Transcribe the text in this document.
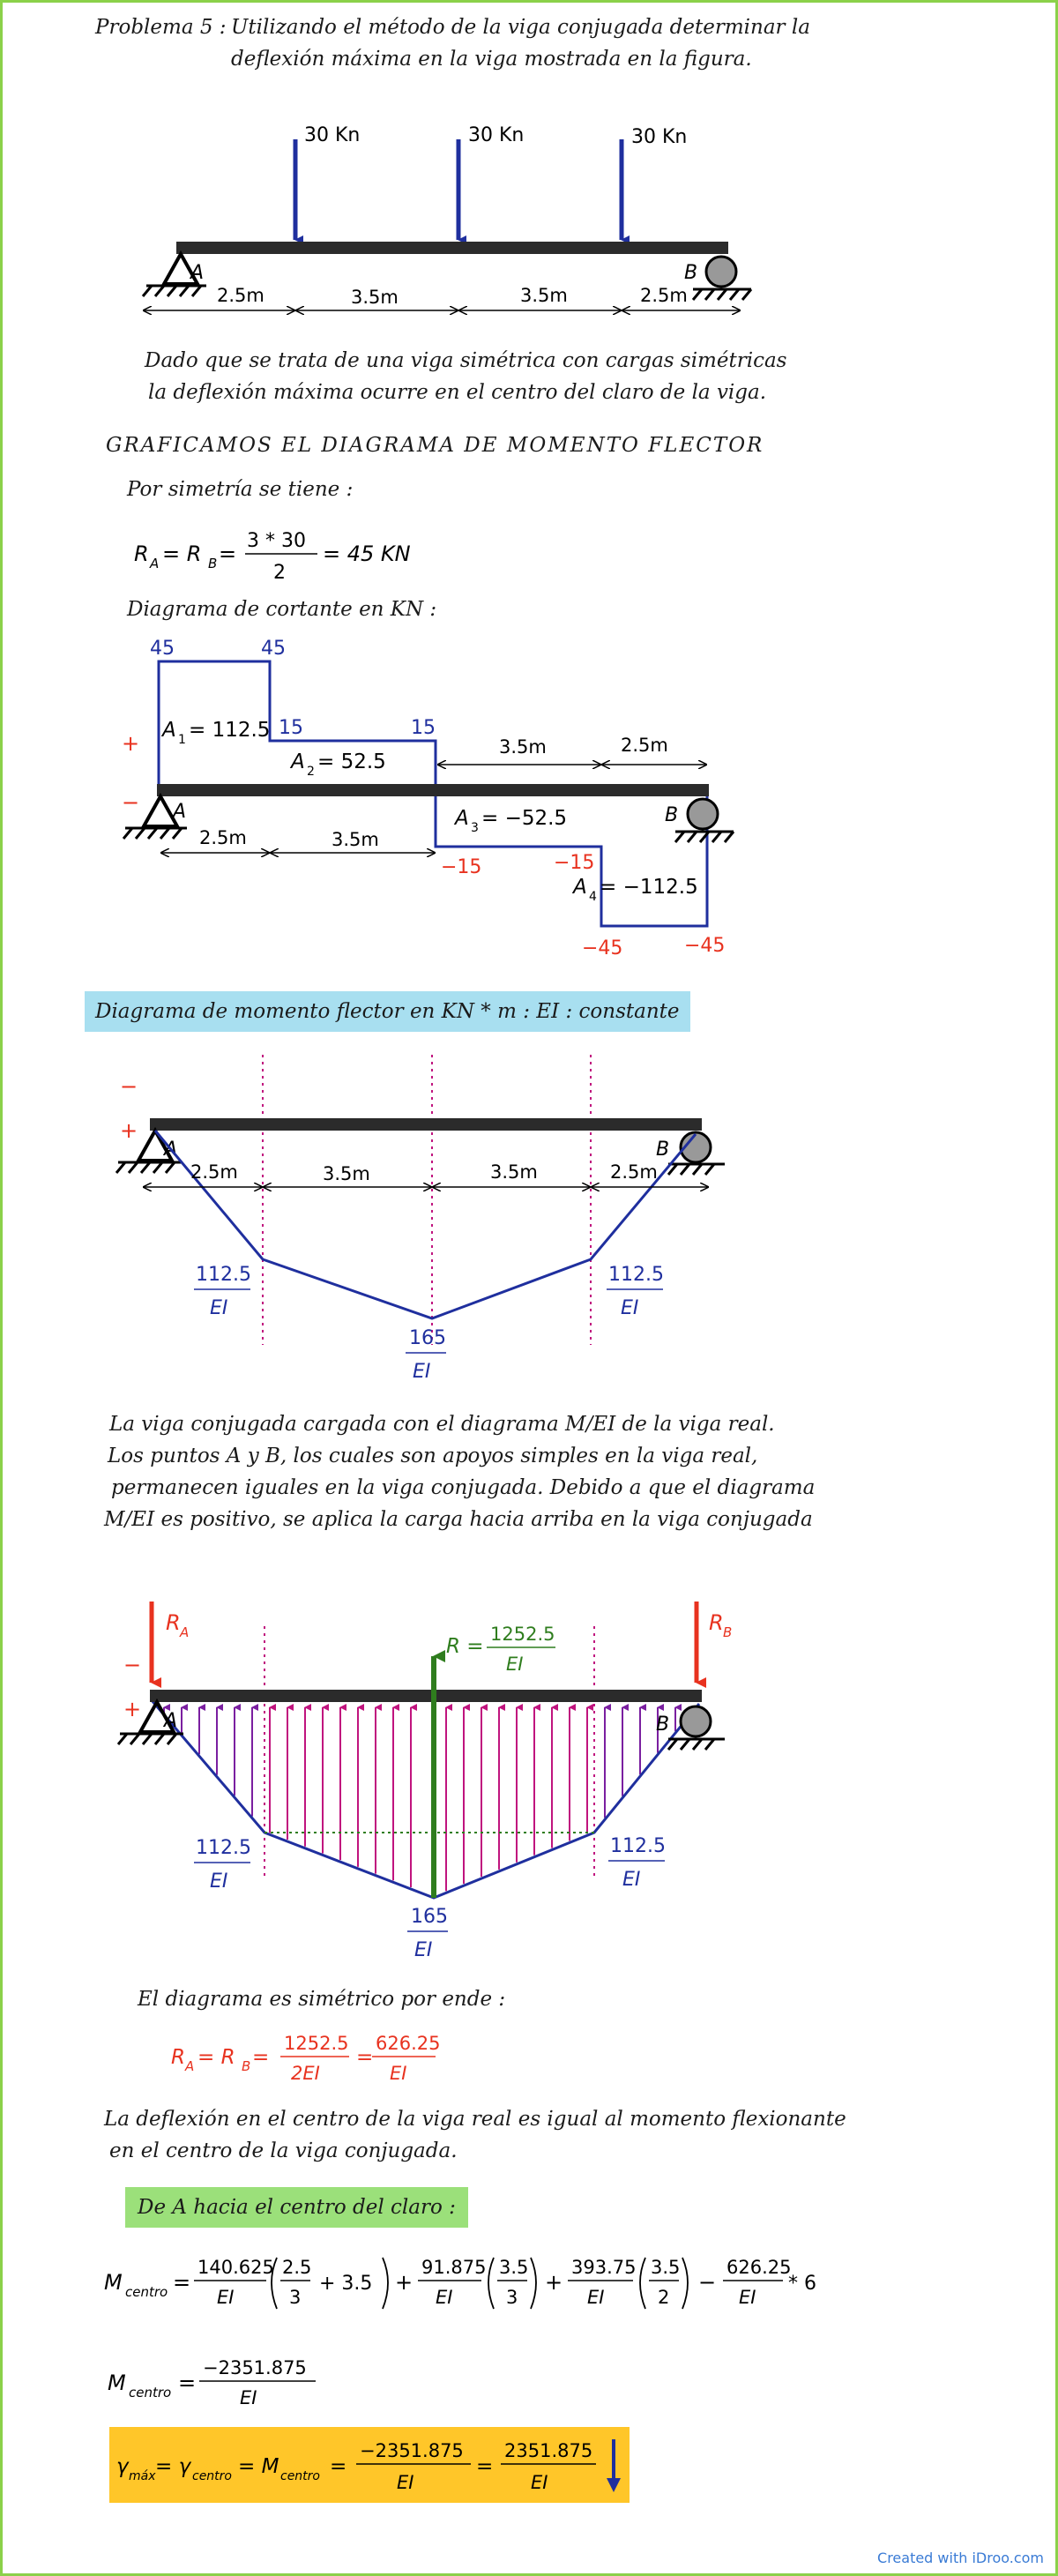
Problema 5 : Utilizando el método de la viga conjugada determinar la
deflexión máxima en la viga mostrada en la figura.
30 Kn	30 Kn	30 Kn
A	B
2.5m	3.5m	3.5m	2.5m
Dado que se trata de una viga simétrica con cargas simétricas
la deflexión máxima ocurre en el centro del claro de la viga.
GRAFICAMOS EL DIAGRAMA DE MOMENTO FLECTOR
Por simetría se tiene :
R A = R B =
3 * 30
2
= 45 KN
Diagrama de cortante en KN :
A	B
+
−
45	45
15	15
−15	−15
−45	−45
A 1 = 112.5
A 2 = 52.5
A 3 = −52.5
A 4 = −112.5
3.5m	2.5m
2.5m	3.5m
Diagrama de momento flector en KN * m : EI : constante
A	B
−
+
2.5m	3.5m	3.5m	2.5m
112.5
EI
165
EI
112.5
EI
La viga conjugada cargada con el diagrama M/EI de la viga real.
Los puntos A y B, los cuales son apoyos simples en la viga real,
permanecen iguales en la viga conjugada. Debido a que el diagrama
M/EI es positivo, se aplica la carga hacia arriba en la viga conjugada
A	B
R A	R B
R =
1252.5
EI
−
+
112.5
EI
165
EI
112.5
EI
El diagrama es simétrico por ende :
R A = R B =
1252.5
2EI
=
626.25
EI
La deflexión en el centro de la viga real es igual al momento flexionante
en el centro de la viga conjugada.
De A hacia el centro del claro :
M centro =
140.625
EI
2.5
3
+ 3.5 +
91.875
EI
3.5
3
+
393.75
EI
3.5
2
−
626.25
EI
* 6
M centro =
−2351.875
EI
γ máx = γ centro = M centro =
−2351.875
EI
=
2351.875
EI
Created with iDroo.com
